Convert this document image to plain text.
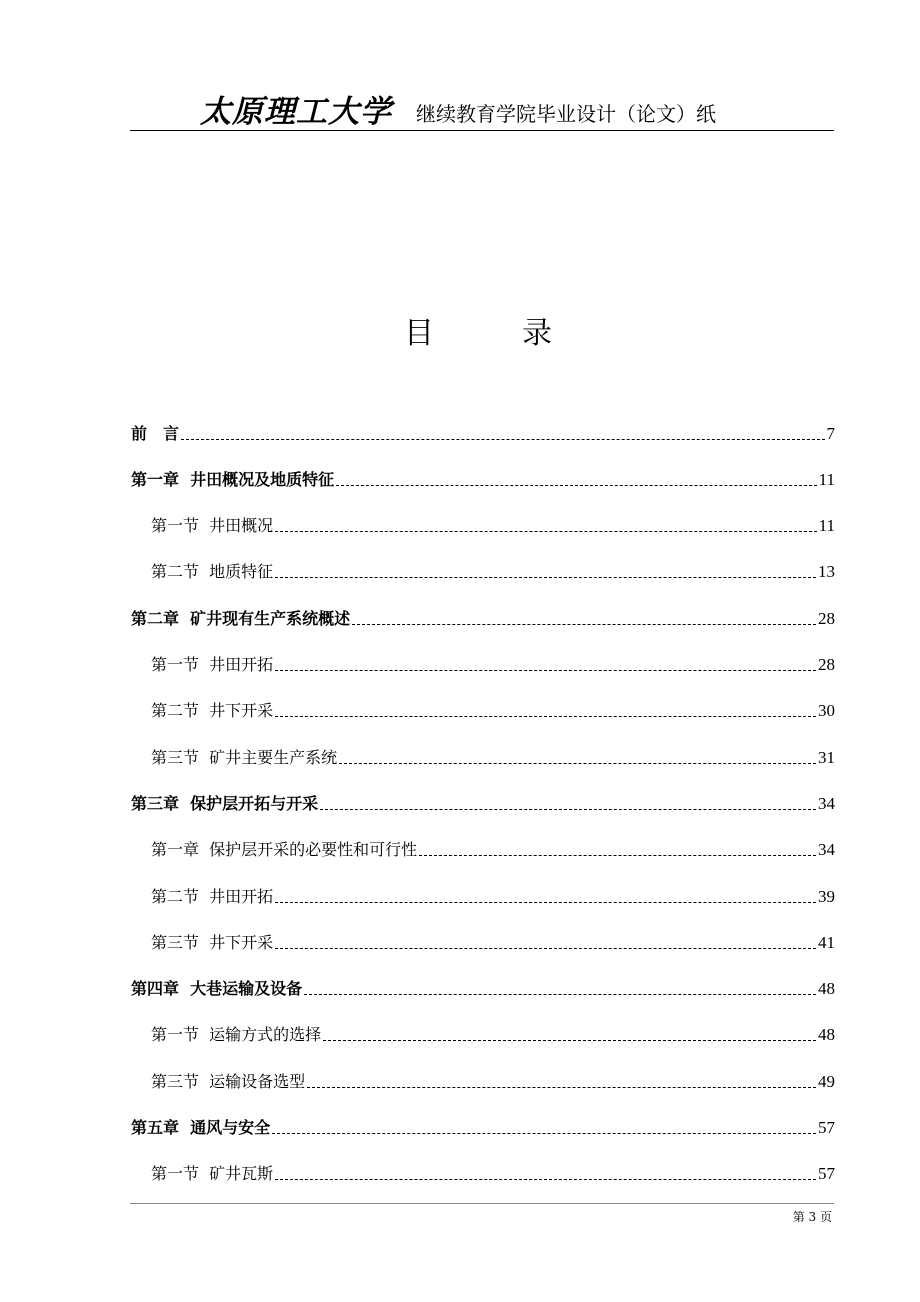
太原理工大学 继续教育学院毕业设计（论文）纸
目	录
前　言	7
第一章  井田概况及地质特征	11
第一节  井田概况	11
第二节  地质特征	13
第二章  矿井现有生产系统概述	28
第一节  井田开拓	28
第二节  井下开采	30
第三节  矿井主要生产系统	31
第三章  保护层开拓与开采	34
第一章  保护层开采的必要性和可行性	34
第二节  井田开拓	39
第三节  井下开采	41
第四章  大巷运输及设备	48
第一节  运输方式的选择	48
第三节  运输设备选型	49
第五章  通风与安全	57
第一节  矿井瓦斯	57
第 3 页
